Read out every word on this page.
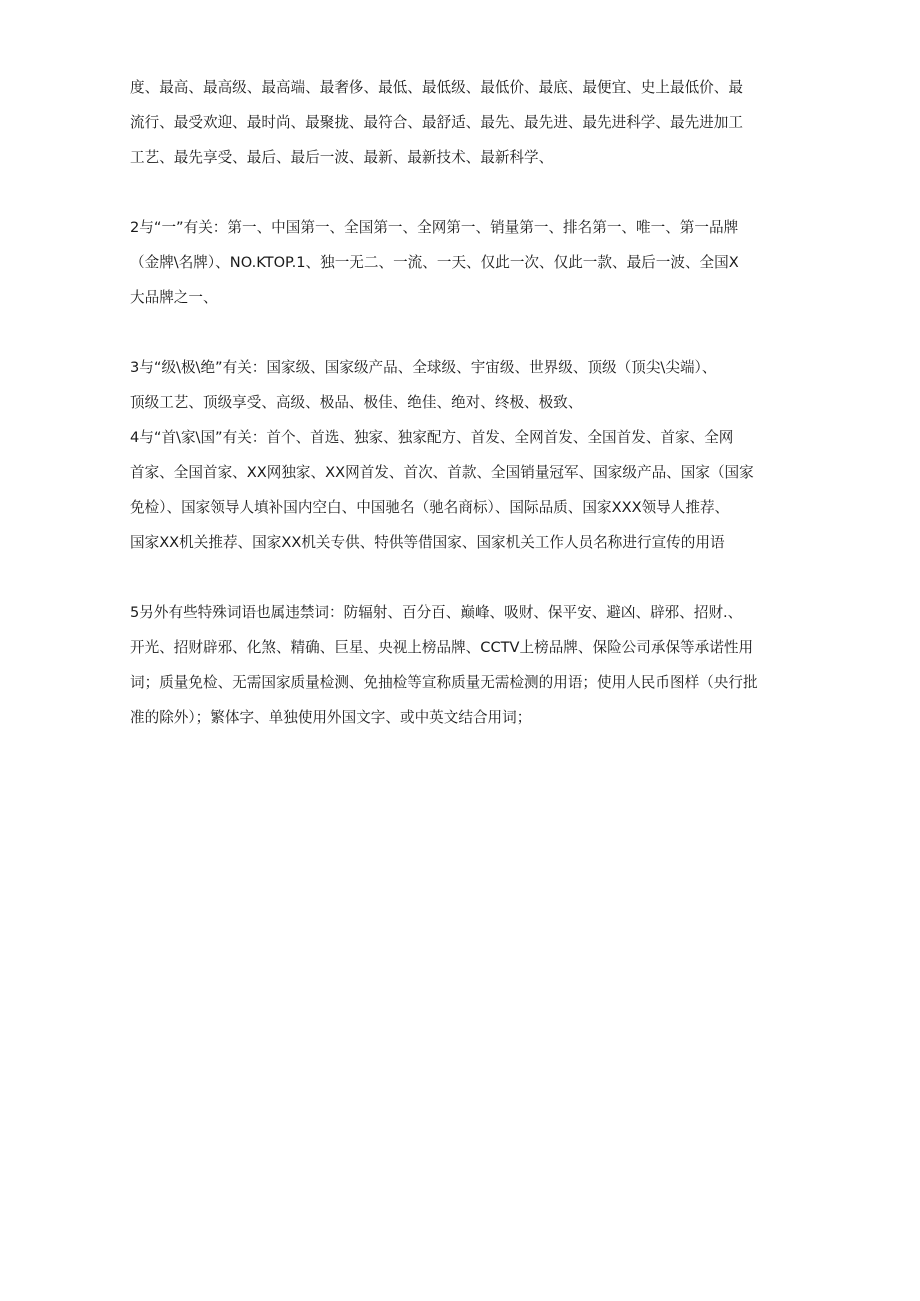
度、最高、最高级、最高端、最奢侈、最低、最低级、最低价、最底、最便宜、史上最低价、最
流行、最受欢迎、最时尚、最聚拢、最符合、最舒适、最先、最先进、最先进科学、最先进加工
工艺、最先享受、最后、最后一波、最新、最新技术、最新科学、
2与“一”有关：第一、中国第一、全国第一、全网第一、销量第一、排名第一、唯一、第一品牌
（金牌\名牌）、NO.KTOP.1、独一无二、一流、一天、仅此一次、仅此一款、最后一波、全国X
大品牌之一、
3与“级\极\绝”有关：国家级、国家级产品、全球级、宇宙级、世界级、顶级（顶尖\尖端）、
顶级工艺、顶级享受、高级、极品、极佳、绝佳、绝对、终极、极致、
4与“首\家\国”有关：首个、首选、独家、独家配方、首发、全网首发、全国首发、首家、全网
首家、全国首家、XX网独家、XX网首发、首次、首款、全国销量冠军、国家级产品、国家（国家
免检）、国家领导人填补国内空白、中国驰名（驰名商标）、国际品质、国家XXX领导人推荐、
国家XX机关推荐、国家XX机关专供、特供等借国家、国家机关工作人员名称进行宣传的用语
5另外有些特殊词语也属违禁词：防辐射、百分百、巅峰、吸财、保平安、避凶、辟邪、招财.、
开光、招财辟邪、化煞、精确、巨星、央视上榜品牌、CCTV上榜品牌、保险公司承保等承诺性用
词；质量免检、无需国家质量检测、免抽检等宣称质量无需检测的用语；使用人民币图样（央行批
准的除外）；繁体字、单独使用外国文字、或中英文结合用词；
